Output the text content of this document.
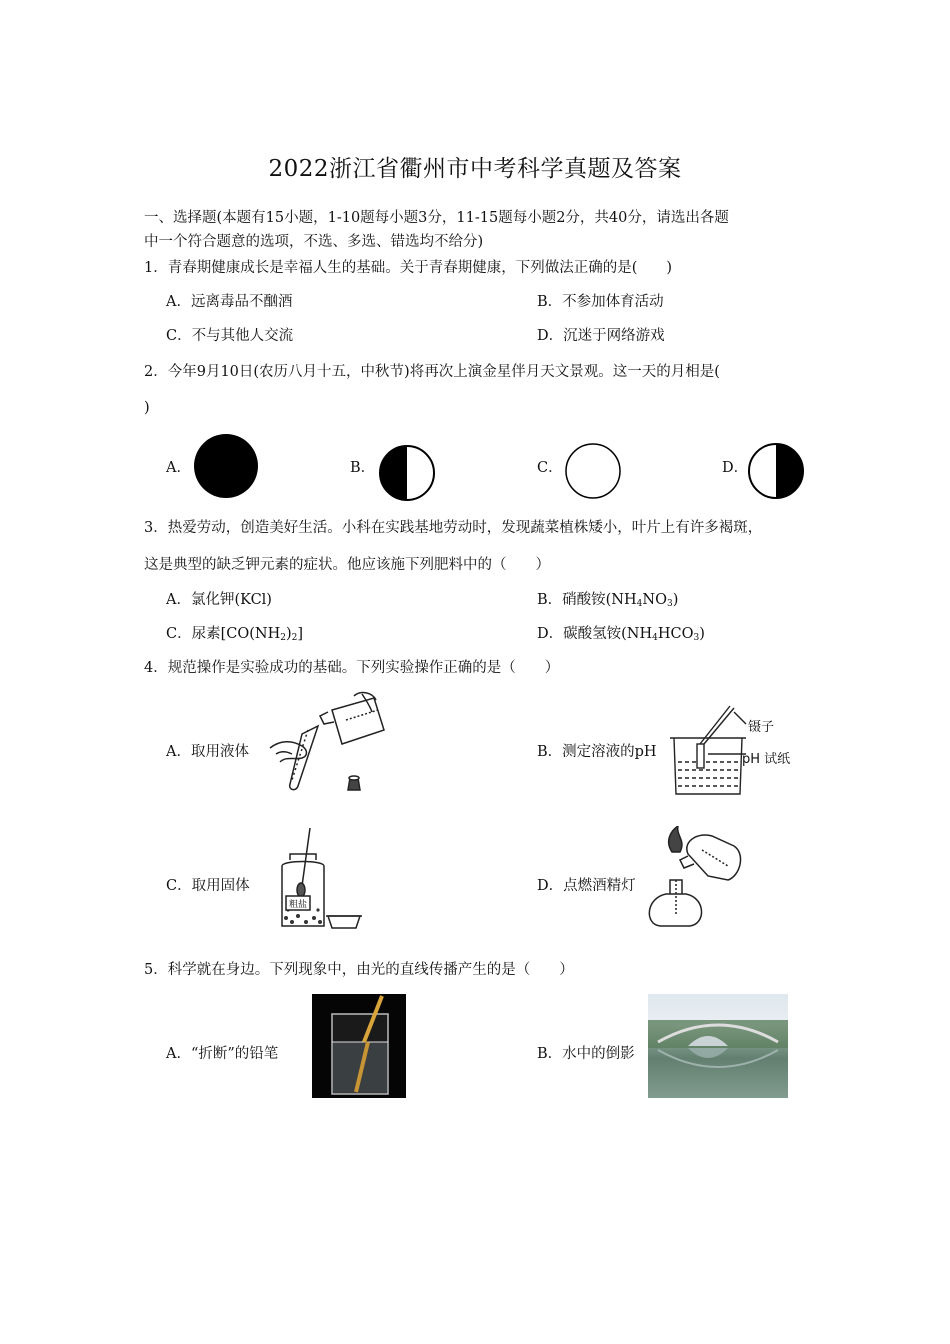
2022浙江省衢州市中考科学真题及答案
一、选择题(本题有15小题，1-10题每小题3分，11-15题每小题2分，共40分，请选出各题
中一个符合题意的选项，不选、多选、错选均不给分)
1．青春期健康成长是幸福人生的基础。关于青春期健康，下列做法正确的是(　　)
A．远离毒品不酗酒	B．不参加体育活动
C．不与其他人交流	D．沉迷于网络游戏
2．今年9月10日(农历八月十五，中秋节)将再次上演金星伴月天文景观。这一天的月相是(
)
A．	B．	C．	D．
3．热爱劳动，创造美好生活。小科在实践基地劳动时，发现蔬菜植株矮小，叶片上有许多褐斑，
这是典型的缺乏钾元素的症状。他应该施下列肥料中的（　　）
A．氯化钾(KCl)	B．硝酸铵$(NH_4NO_3)$
C．尿素$[CO(NH_2)_2]$	D．碳酸氢铵$(NH_4HCO_3)$
4．规范操作是实验成功的基础。下列实验操作正确的是（　　）
A．取用液体	B．测定溶液的pH
镊子
pH 试纸
C．取用固体
粗盐
D．点燃酒精灯
5．科学就在身边。下列现象中，由光的直线传播产生的是（　　）
A．“折断”的铅笔	B．水中的倒影
